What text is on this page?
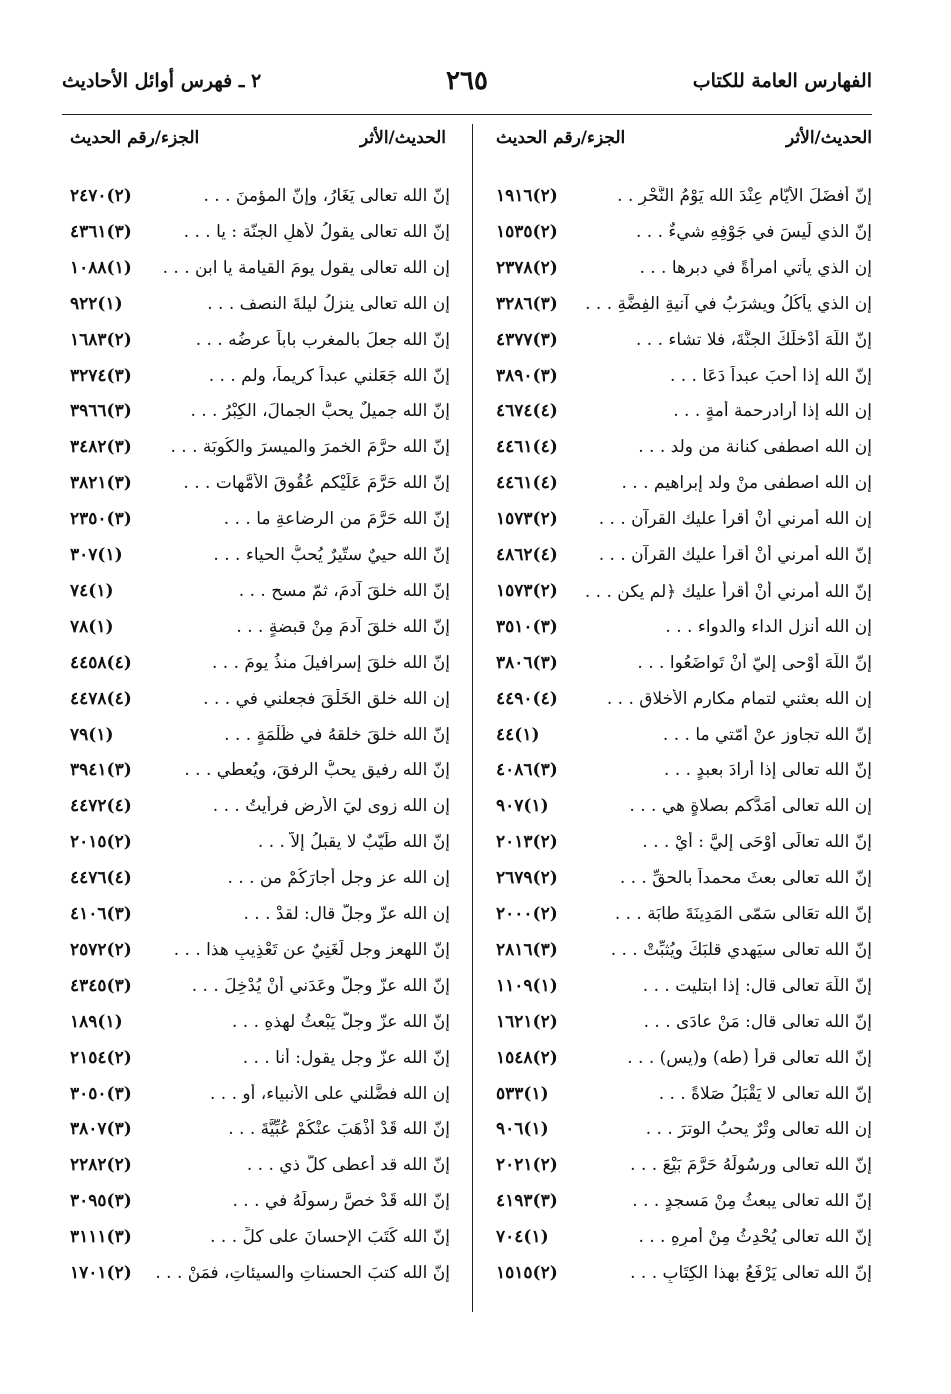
الفهارس العامة للكتاب
٢٦٥
٢ ـ فهرس أوائل الأحاديث
الحديث/الأثر
الجزء/رقم الحديث
الحديث/الأثر
الجزء/رقم الحديث
إنّ أفضَلَ الأيّامِ عِنْدَ الله يَوْمُ النَّحْرِ . .
(٢)١٩١٦
إنّ الذي لَيسَ في جَوْفِهِ شيءٌ . . .
(٢)١٥٣٥
إن الذي يأتي امرأةً في دبرها . . .
(٢)٢٣٧٨
إن الذي يأكُلُ ويشرَبُ في آنيةِ الفِضَّةِ . . .
(٣)٣٢٨٦
إنّ اللّهَ أدْخلَكَ الجنَّةَ، فلا تشاء . . .
(٣)٤٣٧٧
إنّ الله إذا أحبَ عبداً دَعَا . . .
(٣)٣٨٩٠
إن الله إذا أرادرحمة أمةٍ . . .
(٤)٤٦٧٤
إن الله اصطفى كنانة من ولد . . .
(٤)٤٤٦١
إن الله اصطفى منْ ولد إبراهيم . . .
(٤)٤٤٦١
إن الله أمرني أنْ أقرأ عليك القرآن . . .
(٢)١٥٧٣
إنّ الله أمرني أنْ أقرأ عليك القرآن . . .
(٤)٤٨٦٢
إنّ الله أمرني أنْ أقرأ عليك ﴿لم يكن . . .
(٢)١٥٧٣
إن الله أنزل الداء والدواء . . .
(٣)٣٥١٠
إنّ اللّهَ أوْحى إليّ أنْ تَواضَعُوا . . .
(٣)٣٨٠٦
إن الله بعثني لتمام مكارم الأخلاق . . .
(٤)٤٤٩٠
إنّ الله تجاوز عنْ أُمّتي ما . . .
(١)٤٤
إنّ الله تعالى إذا أرادَ بعبدٍ . . .
(٣)٤٠٨٦
إن الله تعالى أَمَدَّكم بصلاةٍ هي . . .
(١)٩٠٧
إنّ الله تعالَى أوْحَى إليَّ : أيْ . . .
(٢)٢٠١٣
إنّ الله تعالى بعثَ محمداً بالحقِّ . . .
(٢)٢٦٧٩
إنّ الله تعَالى سَمّى المَدِينَةَ طابَة . . .
(٢)٢٠٠٠
إنّ الله تعالى سيَهدي قلبَكَ ويُثبِّتْ . . .
(٣)٢٨١٦
إنّ اللّهَ تعالى قال: إذا ابتليت . . .
(١)١١٠٩
إنّ الله تعالى قال: مَنْ عادَى . . .
(٢)١٦٢١
إنّ الله تعالى قرأ (طه) و(يس) . . .
(٢)١٥٤٨
إنّ الله تعالى لا يَقْبَلُ صَلاةً . . .
(١)٥٣٣
إن الله تعالى وِتْرٌ يحبُ الوترَ . . .
(١)٩٠٦
إنّ الله تعالى ورسُولَهُ حَرَّمَ بَيْعَ . . .
(٢)٢٠٢١
إنّ الله تعالى يبعثُ مِنْ مَسجدٍ . . .
(٣)٤١٩٣
إنّ الله تعالى يُحْدِثُ مِنْ أمرِهِ . . .
(١)٧٠٤
إنّ الله تعالى يَرْفَعُ بهذا الكِتَابِ . . .
(٢)١٥١٥
إنّ الله تعالى يَغَارُ، وإنّ المؤمنَ . . .
(٢)٢٤٧٠
إنّ الله تعالى يقولُ لأهلِ الجنّة : يا . . .
(٣)٤٣٦١
إن الله تعالى يقول يومَ القيامة يا ابن . . .
(١)١٠٨٨
إن الله تعالى ينزلُ ليلةَ النصف . . .
(١)٩٢٢
إنّ الله جعلَ بالمغرب باباً عرضُه . . .
(٢)١٦٨٣
إنّ الله جَعَلني عبداً كريماً، ولم . . .
(٣)٣٢٧٤
إنّ الله جميلٌ يحبُّ الجمالَ، الكِبْرُ . . .
(٣)٣٩٦٦
إنّ الله حرَّمَ الخمرَ والميسرَ والكُوبَة . . .
(٣)٣٤٨٢
إنّ الله حَرَّمَ عَلَيْكم عُقُوقَ الأمَّهات . . .
(٣)٣٨٢١
إنّ الله حَرَّمَ من الرضاعةِ ما . . .
(٣)٢٣٥٠
إنّ الله حييٌ ستّيرٌ يُحبُّ الحياء . . .
(١)٣٠٧
إنّ الله خلقَ آدمَ، ثمّ مسح . . .
(١)٧٤
إنّ الله خلقَ آدمَ مِنْ قبضةٍ . . .
(١)٧٨
إنّ الله خلقَ إسرافيلَ منذُ يومَ . . .
(٤)٤٤٥٨
إن الله خلق الخَلْقَ فجعلني في . . .
(٤)٤٤٧٨
إنّ الله خلقَ خلقهُ في ظُلْمَةٍ . . .
(١)٧٩
إنّ الله رفيق يحبُّ الرفقَ، ويُعطي . . .
(٣)٣٩٤١
إن الله زوى ليَ الأرض فرأيتُ . . .
(٤)٤٤٧٢
إنّ الله طَيّبٌ لا يقبلُ إلاّ . . .
(٢)٢٠١٥
إن الله عز وجل أجارَكُمْ من . . .
(٤)٤٤٧٦
إن الله عزّ وجلّ قال: لقدْ . . .
(٣)٤١٠٦
إنّ اللهعز وجل لَغَنِيٌ عن تَعْذِيبِ هذا . . .
(٢)٢٥٧٢
إنّ الله عزّ وجلّ وعَدَني أنْ يُدْخِلَ . . .
(٣)٤٣٤٥
إنّ الله عزّ وجلّ يَبْعثُ لهذهِ . . .
(١)١٨٩
إنّ الله عزّ وجل يقول: أنا . . .
(٢)٢١٥٤
إن الله فضَّلني على الأنبياء، أو . . .
(٣)٣٠٥٠
إنّ الله قَدْ أذْهَبَ عنْكُمْ عُبِّيَّةَ . . .
(٣)٣٨٠٧
إنّ الله قد أعطى كلَّ ذي . . .
(٢)٢٢٨٢
إنّ الله قَدْ خصَّ رسولَهُ في . . .
(٣)٣٠٩٥
إنّ الله كَتَبَ الإحسانَ على كلِّ . . .
(٣)٣١١١
إنّ الله كتبَ الحسناتِ والسيئاتِ، فمَنْ . . .
(٢)١٧٠١
